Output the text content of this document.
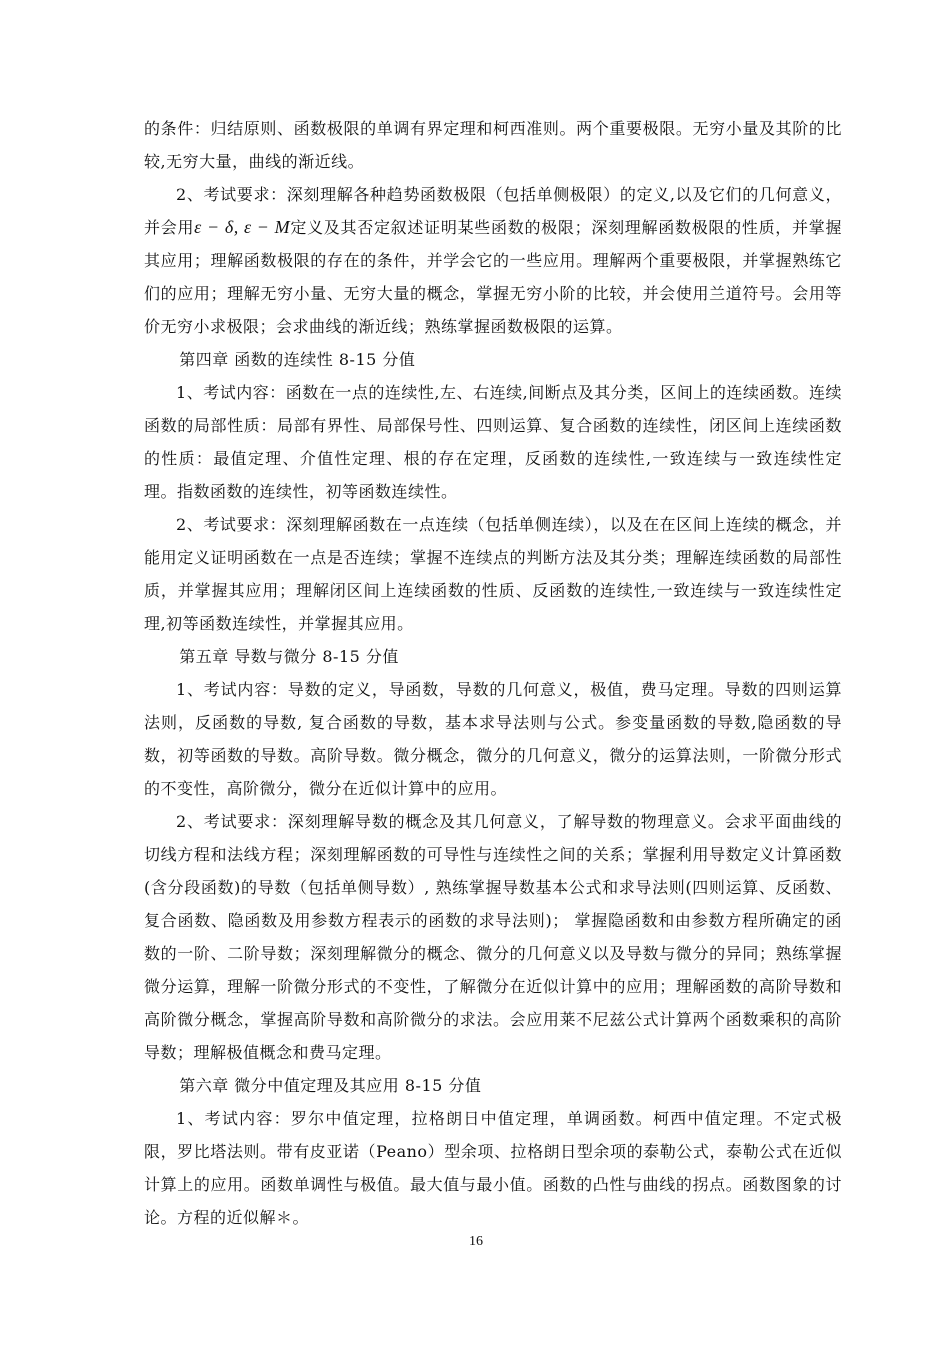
的条件：归结原则、函数极限的单调有界定理和柯西准则。两个重要极限。无穷小量及其阶的比较,无穷大量，曲线的渐近线。

2、考试要求：深刻理解各种趋势函数极限（包括单侧极限）的定义,以及它们的几何意义，并会用ε − δ, ε − M定义及其否定叙述证明某些函数的极限；深刻理解函数极限的性质，并掌握其应用；理解函数极限的存在的条件，并学会它的一些应用。理解两个重要极限，并掌握熟练它们的应用；理解无穷小量、无穷大量的概念，掌握无穷小阶的比较，并会使用兰道符号。会用等价无穷小求极限；会求曲线的渐近线；熟练掌握函数极限的运算。

第四章 函数的连续性 8-15 分值

1、考试内容：函数在一点的连续性,左、右连续,间断点及其分类，区间上的连续函数。连续函数的局部性质：局部有界性、局部保号性、四则运算、复合函数的连续性，闭区间上连续函数的性质：最值定理、介值性定理、根的存在定理，反函数的连续性,一致连续与一致连续性定理。指数函数的连续性，初等函数连续性。

2、考试要求：深刻理解函数在一点连续（包括单侧连续），以及在在区间上连续的概念，并能用定义证明函数在一点是否连续；掌握不连续点的判断方法及其分类；理解连续函数的局部性质，并掌握其应用；理解闭区间上连续函数的性质、反函数的连续性,一致连续与一致连续性定理,初等函数连续性，并掌握其应用。

第五章 导数与微分 8-15 分值

1、考试内容：导数的定义，导函数，导数的几何意义，极值，费马定理。导数的四则运算法则，反函数的导数, 复合函数的导数，基本求导法则与公式。参变量函数的导数,隐函数的导数，初等函数的导数。高阶导数。微分概念，微分的几何意义，微分的运算法则，一阶微分形式的不变性，高阶微分，微分在近似计算中的应用。

2、考试要求：深刻理解导数的概念及其几何意义，了解导数的物理意义。会求平面曲线的切线方程和法线方程；深刻理解函数的可导性与连续性之间的关系；掌握利用导数定义计算函数(含分段函数)的导数（包括单侧导数）, 熟练掌握导数基本公式和求导法则(四则运算、反函数、复合函数、隐函数及用参数方程表示的函数的求导法则)； 掌握隐函数和由参数方程所确定的函数的一阶、二阶导数；深刻理解微分的概念、微分的几何意义以及导数与微分的异同；熟练掌握微分运算，理解一阶微分形式的不变性，了解微分在近似计算中的应用；理解函数的高阶导数和高阶微分概念，掌握高阶导数和高阶微分的求法。会应用莱不尼兹公式计算两个函数乘积的高阶导数；理解极值概念和费马定理。

第六章 微分中值定理及其应用 8-15 分值

1、考试内容：罗尔中值定理，拉格朗日中值定理，单调函数。柯西中值定理。不定式极限，罗比塔法则。带有皮亚诺（Peano）型余项、拉格朗日型余项的泰勒公式，泰勒公式在近似计算上的应用。函数单调性与极值。最大值与最小值。函数的凸性与曲线的拐点。函数图象的讨论。方程的近似解＊。

16
